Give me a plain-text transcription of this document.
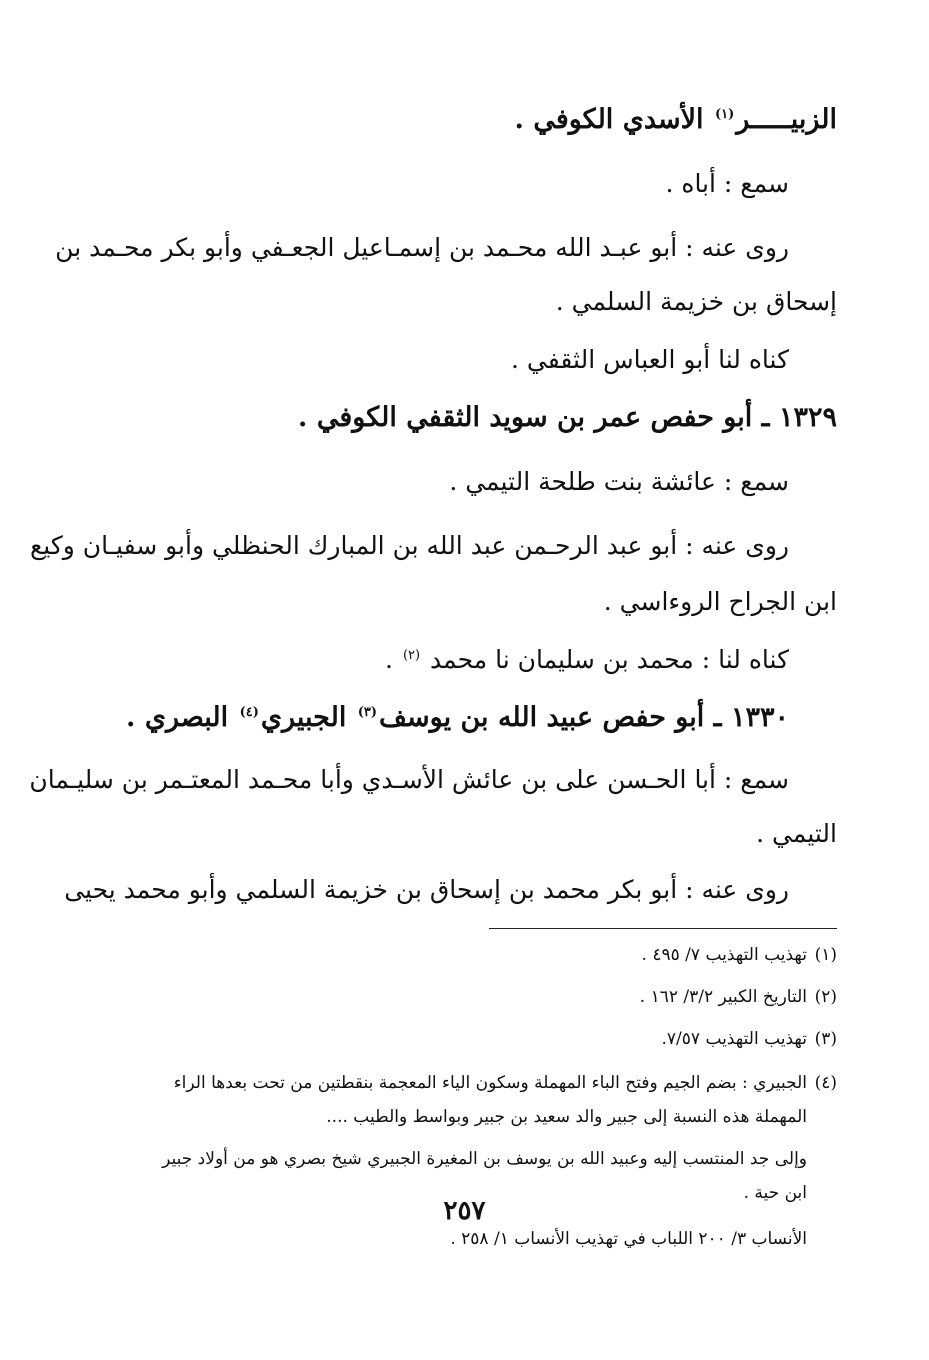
الزبيـــــر$^{(١)}$ الأسدي الكوفي .
سمع : أباه .
روى عنه : أبو عبـد الله محـمد بن إسمـاعيل الجعـفي وأبو بكر محـمد بن
إسحاق بن خزيمة السلمي .
كناه لنا أبو العباس الثقفي .
١٣٢٩ ـ أبو حفص عمر بن سويد الثقفي الكوفي .
سمع : عائشة بنت طلحة التيمي .
روى عنه : أبو عبد الرحـمن عبد الله بن المبارك الحنظلي وأبو سفيـان وكيع
ابن الجراح الروءاسي .
كناه لنا : محمد بن سليمان نا محمد $^{(٢)}$ .
١٣٣٠ ـ أبو حفص عبيد الله بن يوسف$^{(٣)}$ الجبيري$^{(٤)}$ البصري .
سمع : أبا الحـسن على بن عائش الأسـدي وأبا محـمد المعتـمر بن سليـمان
التيمي .
روى عنه : أبو بكر محمد بن إسحاق بن خزيمة السلمي وأبو محمد يحيى
(١)تهذيب التهذيب ٧/ ٤٩٥ .
(٢)التاريخ الكبير ٣/٢/ ١٦٢ .
(٣)تهذيب التهذيب ٧/٥٧.
(٤)الجبيري : بضم الجيم وفتح الباء المهملة وسكون الياء المعجمة بنقطتين من تحت بعدها الراء
المهملة هذه النسبة إلى جبير والد سعيد بن جبير وبواسط والطيب ....
وإلى جد المنتسب إليه وعبيد الله بن يوسف بن المغيرة الجبيري شيخ بصري هو من أولاد جبير
ابن حية .
الأنساب ٣/ ٢٠٠ اللباب في تهذيب الأنساب ١/ ٢٥٨ .
٢٥٧
